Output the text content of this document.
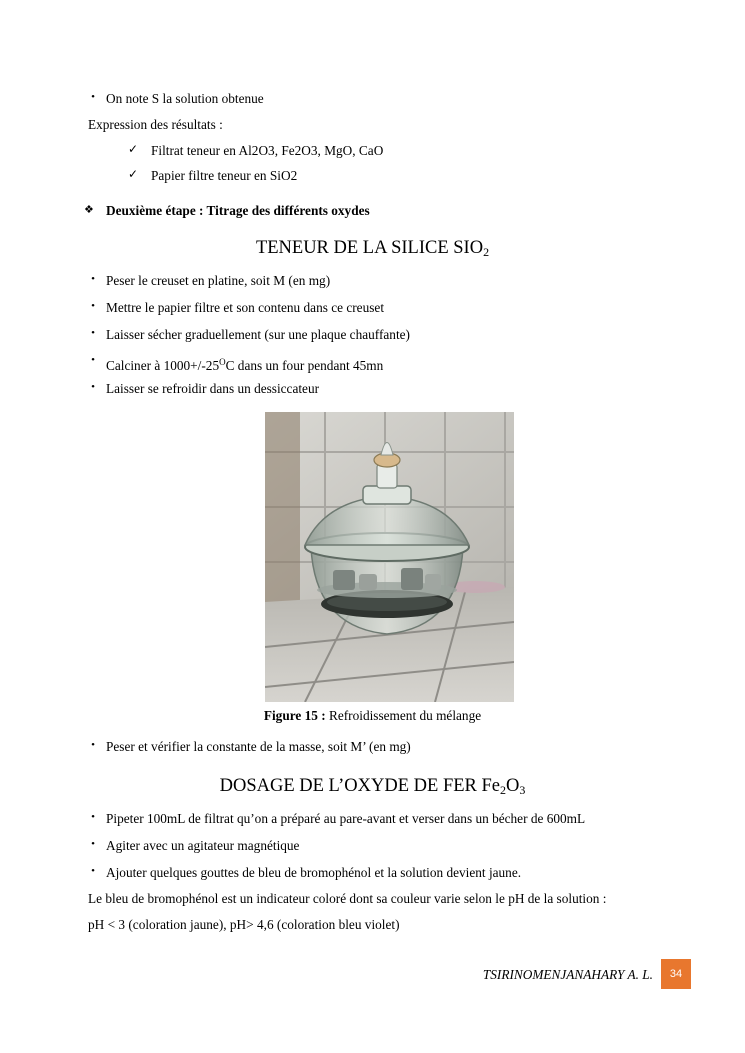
• On note S la solution obtenue
Expression des résultats :
✓ Filtrat teneur en Al2O3, Fe2O3, MgO, CaO
✓ Papier filtre teneur en SiO2
❖ Deuxième étape : Titrage des différents oxydes
TENEUR DE LA SILICE $SIO_2$
• Peser le creuset en platine, soit M (en mg)
• Mettre le papier filtre et son contenu dans ce creuset
• Laisser sécher graduellement (sur une plaque chauffante)
• Calciner à $1000+/-25^OC$ dans un four pendant 45mn
• Laisser se refroidir dans un dessiccateur
Figure 15 : Refroidissement du mélange
• Peser et vérifier la constante de la masse, soit M’ (en mg)
DOSAGE DE L’OXYDE DE FER $Fe_2O_3$
• Pipeter 100mL de filtrat qu’on a préparé au pare-avant et verser dans un bécher de 600mL
• Agiter avec un agitateur magnétique
• Ajouter quelques gouttes de bleu de bromophénol et la solution devient jaune.
Le bleu de bromophénol est un indicateur coloré dont sa couleur varie selon le pH de la solution :
pH < 3 (coloration jaune), pH> 4,6 (coloration bleu violet)
TSIRINOMENJANAHARY A. L.	34
